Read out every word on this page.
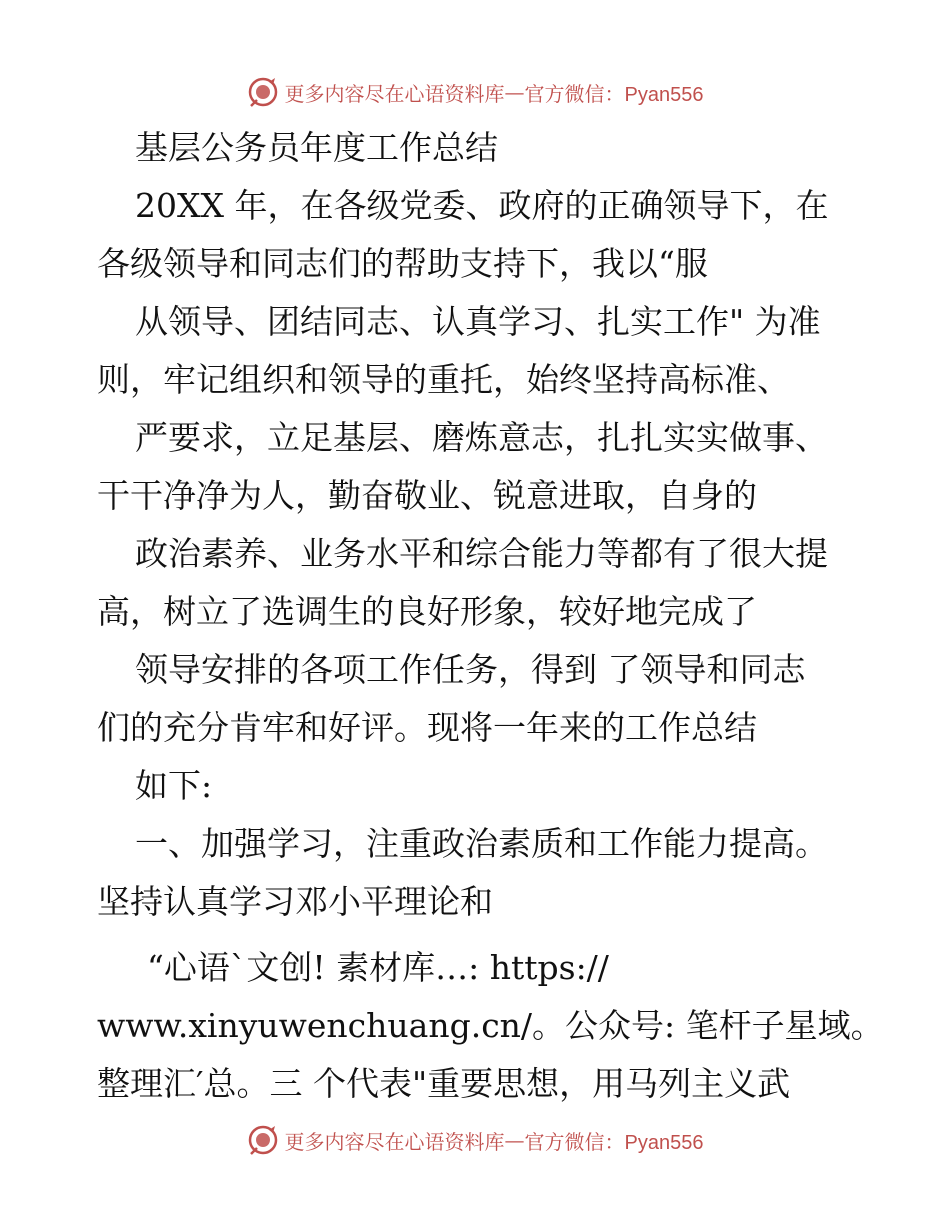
更多内容尽在心语资料库 — 官方微信：Pyan556
基层公务员年度工作总结
20XX 年，在各级党委、政府的正确领导下，在
各级领导和同志们的帮助支持下，我以“服
从领导、团结同志、认真学习、扎实工作" 为准
则，牢记组织和领导的重托，始终坚持高标准、
严要求，立足基层、磨炼意志，扎扎实实做事、
干干净净为人，勤奋敬业、锐意进取，自身的
政治素养、业务水平和综合能力等都有了很大提
高，树立了选调生的良好形象，较好地完成了
领导安排的各项工作任务，得到 了领导和同志
们的充分肯牢和好评。现将一年来的工作总结
如下:
一、加强学习，注重政治素质和工作能力提高。
坚持认真学习邓小平理论和
“心语`文创! 素材库…: https://
www.xinyuwenchuang.cn/。公众号: 笔杆子星域。
整理汇′总。三 个代表"重要思想，用马列主义武
更多内容尽在心语资料库 — 官方微信：Pyan556
